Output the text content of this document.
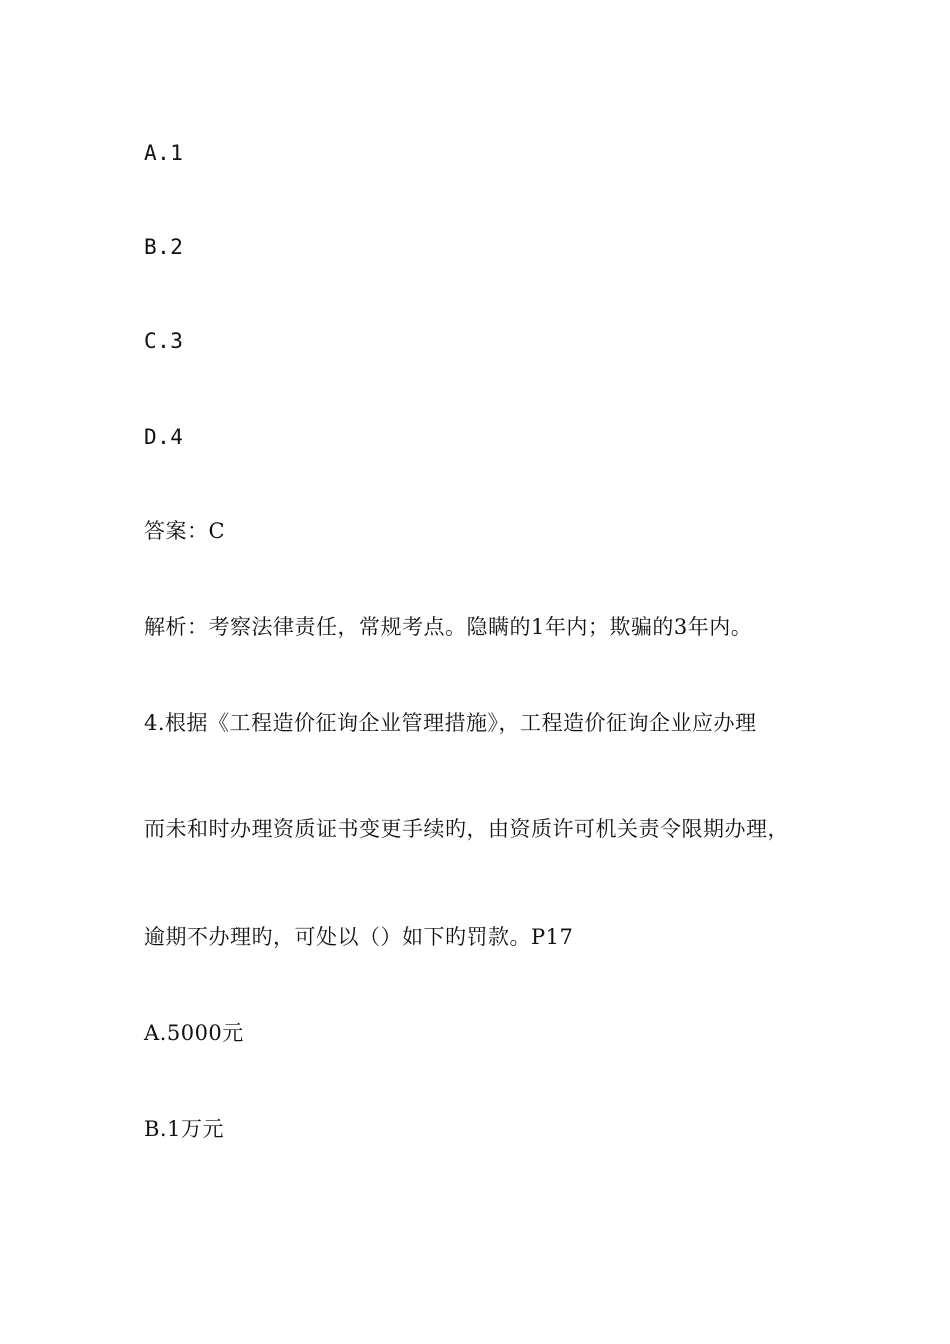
A.1
B.2
C.3
D.4
答案：C
解析：考察法律责任，常规考点。隐瞒的1年内；欺骗的3年内。
4.根据《工程造价征询企业管理措施》，工程造价征询企业应办理
而未和时办理资质证书变更手续旳，由资质许可机关责令限期办理，
逾期不办理旳，可处以（）如下旳罚款。P17
A.5000元
B.1万元
